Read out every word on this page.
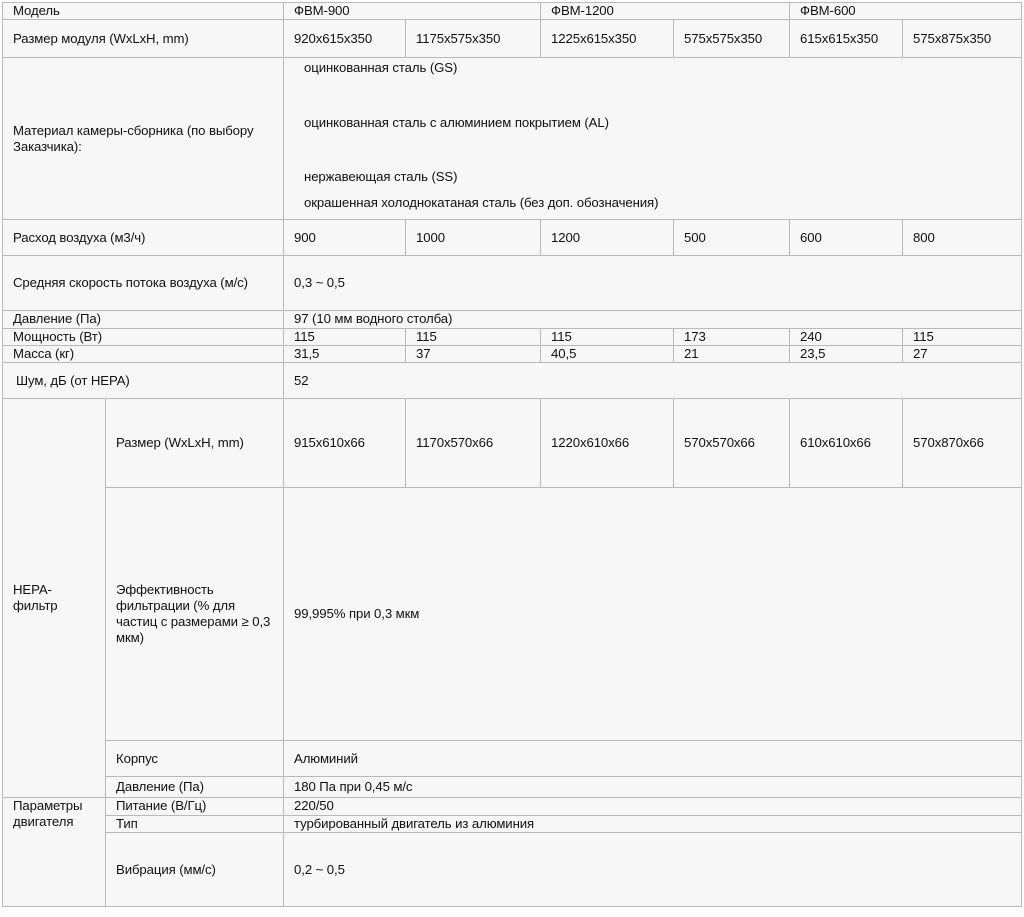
Модель		ФВМ-900		ФВМ-1200		ФВМ-600	
Размер модуля (WxLxH, mm)		920x615x350	1175x575x350	1225x615x350	575x575x350	615x615x350	575x875x350
Материал камеры-сборника (по выбору Заказчика):		оцинкованная сталь (GS)
оцинкованная сталь с алюминием покрытием (AL)
нержавеющая сталь (SS)
окрашенная холоднокатаная сталь (без доп. обозначения)					

Расход воздуха (м3/ч)		900	1000	1200	500	600	800
Средняя скорость потока воздуха (м/с)		0,3 ~ 0,5					
Давление (Па)		97 (10 мм водного столба)					
Мощность (Вт)		115	115	115	173	240	115
Масса (кг)		31,5	37	40,5	21	23,5	27
Шум, дБ (от HEPA)		52					
HEPA-фильтр	Размер (WxLxH, mm)	915x610x66	1170x570x66	1220x610x66	570x570x66	610x610x66	570x870x66
	Эффективность фильтрации (% для частиц с размерами ≥ 0,3 мкм)	99,995% при 0,3 мкм					
	Корпус	Алюминий					
	Давление (Па)	180 Па при 0,45 м/с					
Параметры двигателя	Питание (В/Гц)	220/50					
	Тип	турбированный двигатель из алюминия					
	Вибрация (мм/с)	0,2 ~ 0,5					
